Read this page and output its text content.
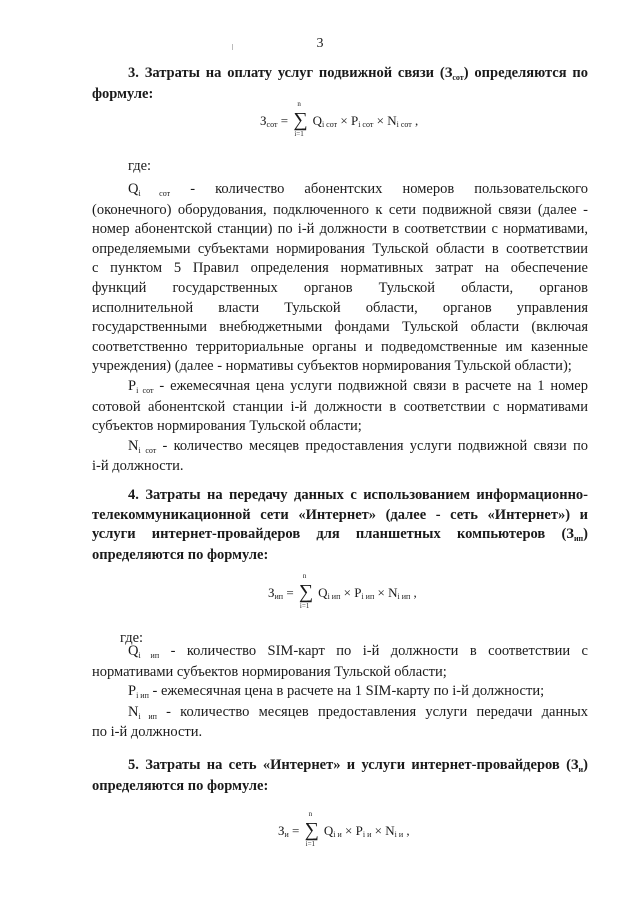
3
3. Затраты на оплату услуг подвижной связи $(З_{сот})$ определяются по
формуле:
Зсот =
n
∑
i=1
Qi сот × Pi сот × Ni сот ,
где:
$Q_{i сот}$ - количество абонентских номеров пользовательского
(оконечного) оборудования, подключенного к сети подвижной связи (далее -
номер абонентской станции) по i-й должности в соответствии с нормативами,
определяемыми субъектами нормирования Тульской области в соответствии
с пунктом 5 Правил определения нормативных затрат на обеспечение
функций государственных органов Тульской области, органов
исполнительной власти Тульской области, органов управления
государственными внебюджетными фондами Тульской области (включая
соответственно территориальные органы и подведомственные им казенные
учреждения) (далее - нормативы субъектов нормирования Тульской области);
$P_{i сот}$ - ежемесячная цена услуги подвижной связи в расчете на 1 номер
сотовой абонентской станции i-й должности в соответствии с нормативами
субъектов нормирования Тульской области;
$N_{i сот}$ - количество месяцев предоставления услуги подвижной связи по
i-й должности.
4. Затраты на передачу данных с использованием информационно-
телекоммуникационной сети «Интернет» (далее - сеть «Интернет») и
услуги интернет-провайдеров для планшетных компьютеров $(З_{ип})$
определяются по формуле:
Зип =
n
∑
i=1
Qi ип × Pi ип × Ni ип ,
где:
$Q_{i ип}$ - количество SIM-карт по i-й должности в соответствии с
нормативами субъектов нормирования Тульской области;
$P_{i ип}$ - ежемесячная цена в расчете на 1 SIM-карту по i-й должности;
$N_{i ип}$ - количество месяцев предоставления услуги передачи данных
по i-й должности.
5. Затраты на сеть «Интернет» и услуги интернет-провайдеров $(З_и)$
определяются по формуле:
Зи =
n
∑
i=1
Qi и × Pi и × Ni и ,
